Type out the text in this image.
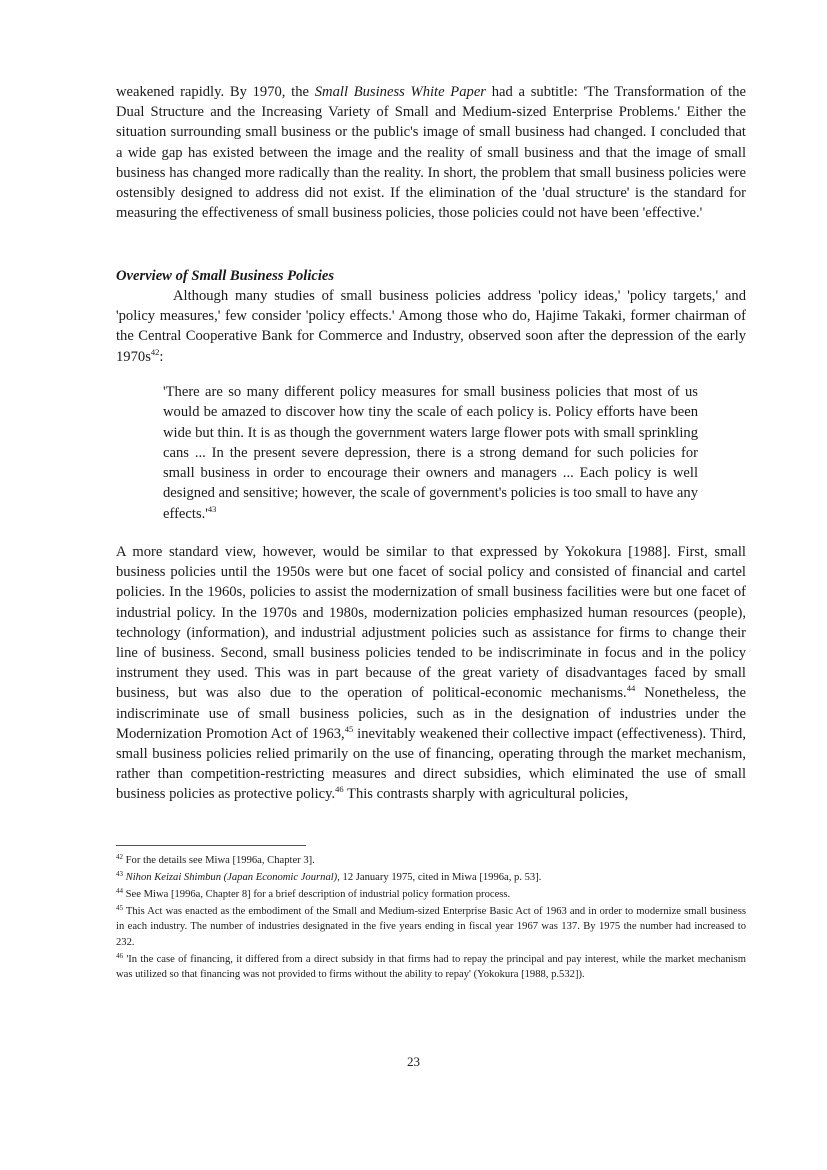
weakened rapidly. By 1970, the Small Business White Paper had a subtitle: 'The Transformation of the Dual Structure and the Increasing Variety of Small and Medium-sized Enterprise Problems.' Either the situation surrounding small business or the public's image of small business had changed. I concluded that a wide gap has existed between the image and the reality of small business and that the image of small business has changed more radically than the reality. In short, the problem that small business policies were ostensibly designed to address did not exist. If the elimination of the 'dual structure' is the standard for measuring the effectiveness of small business policies, those policies could not have been 'effective.'

Overview of Small Business Policies

Although many studies of small business policies address 'policy ideas,' 'policy targets,' and 'policy measures,' few consider 'policy effects.' Among those who do, Hajime Takaki, former chairman of the Central Cooperative Bank for Commerce and Industry, observed soon after the depression of the early $1970s^{42}$:

'There are so many different policy measures for small business policies that most of us would be amazed to discover how tiny the scale of each policy is. Policy efforts have been wide but thin. It is as though the government waters large flower pots with small sprinkling cans ... In the present severe depression, there is a strong demand for such policies for small business in order to encourage their owners and managers ... Each policy is well designed and sensitive; however, the scale of government's policies is too small to have any $effects.'^{43}$

A more standard view, however, would be similar to that expressed by Yokokura [1988]. First, small business policies until the 1950s were but one facet of social policy and consisted of financial and cartel policies. In the 1960s, policies to assist the modernization of small business facilities were but one facet of industrial policy. In the 1970s and 1980s, modernization policies emphasized human resources (people), technology (information), and industrial adjustment policies such as assistance for firms to change their line of business. Second, small business policies tended to be indiscriminate in focus and in the policy instrument they used. This was in part because of the great variety of disadvantages faced by small business, but was also due to the operation of political-economic mechanisms.$^{44}$ Nonetheless, the indiscriminate use of small business policies, such as in the designation of industries under the Modernization Promotion Act of 1963,45 inevitably weakened their collective impact (effectiveness). Third, small business policies relied primarily on the use of financing, operating through the market mechanism, rather than competition-restricting measures and direct subsidies, which eliminated the use of small business policies as protective policy.$^{46}$ This contrasts sharply with agricultural policies,

$^{42}$ For the details see Miwa [1996a, Chapter 3].

$^{43}$ Nihon Keizai Shimbun (Japan Economic Journal), 12 January 1975, cited in Miwa [1996a, p. 53].

$^{44}$ See Miwa [1996a, Chapter 8] for a brief description of industrial policy formation process.

$^{45}$ This Act was enacted as the embodiment of the Small and Medium-sized Enterprise Basic Act of 1963 and in order to modernize small business in each industry. The number of industries designated in the five years ending in fiscal year 1967 was 137. By 1975 the number had increased to 232.

$^{46}$ 'In the case of financing, it differed from a direct subsidy in that firms had to repay the principal and pay interest, while the market mechanism was utilized so that financing was not provided to firms without the ability to repay' (Yokokura [1988, p.532]).

23
